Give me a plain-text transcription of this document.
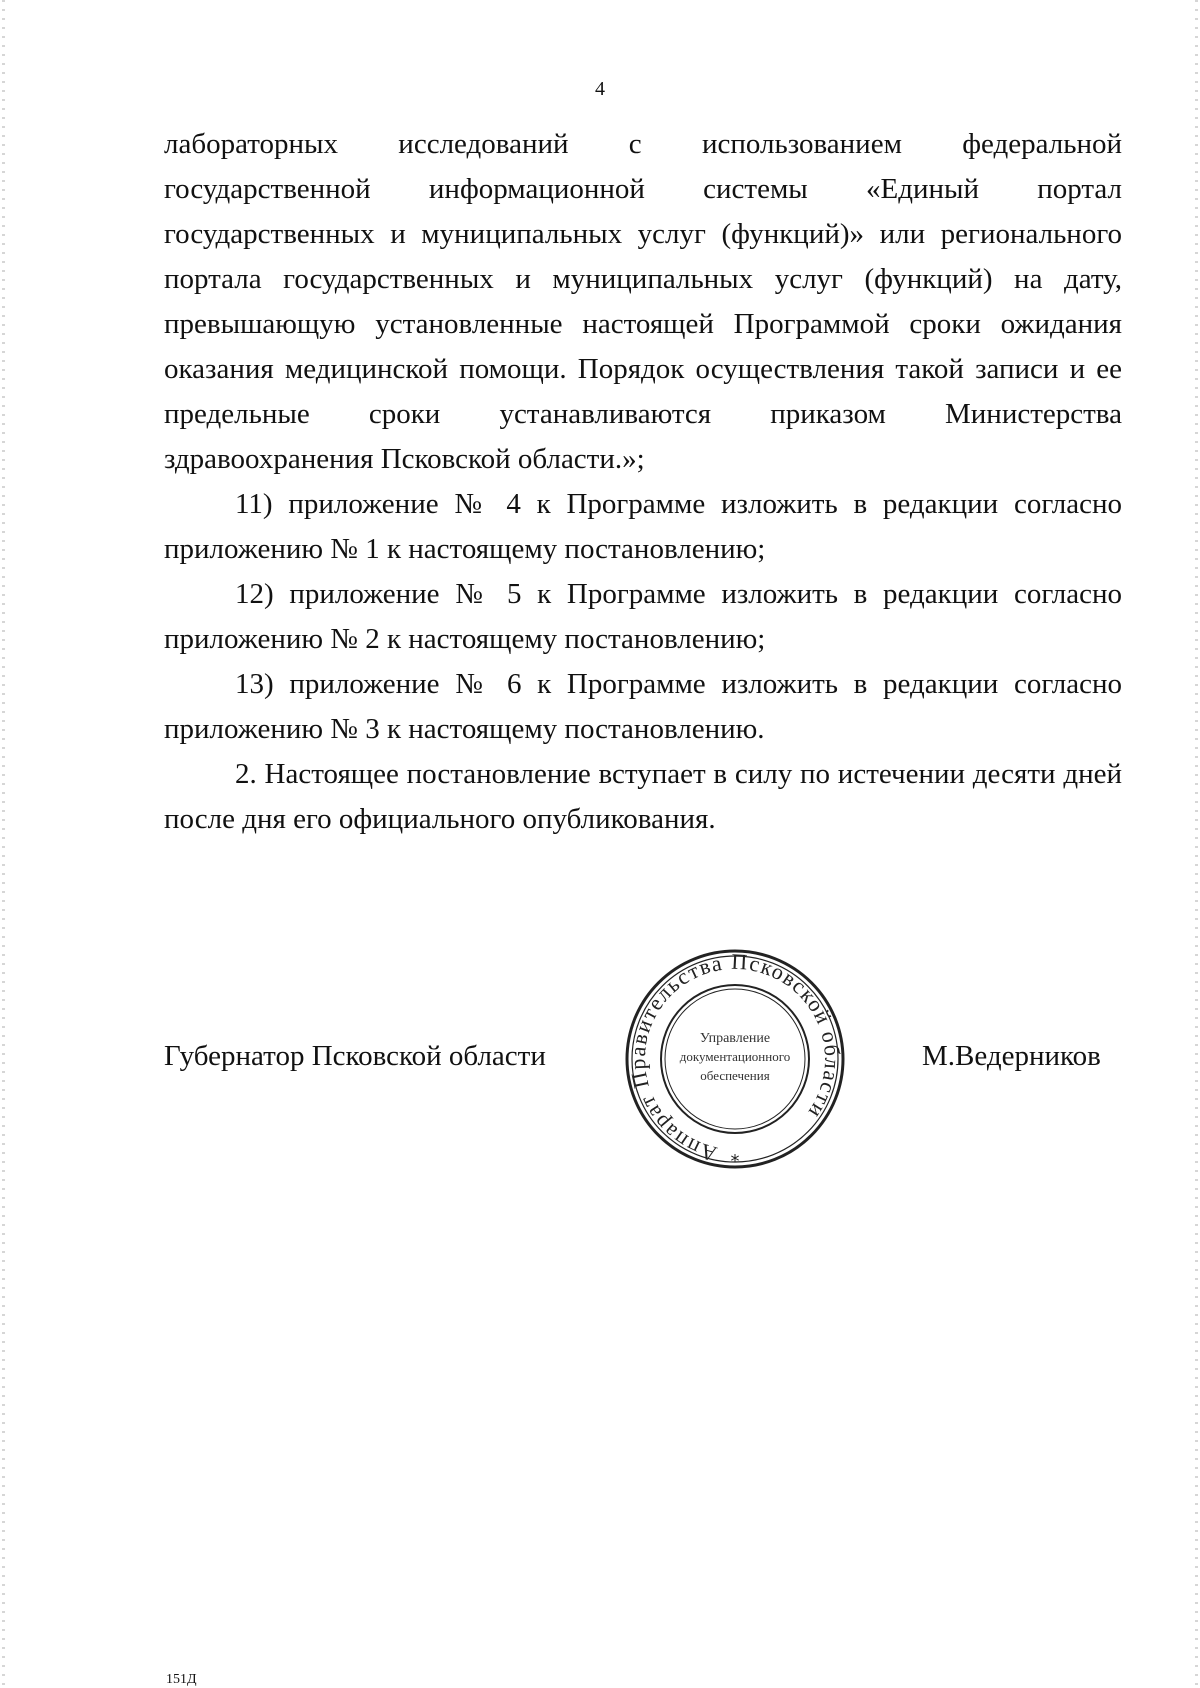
4

лабораторных исследований с использованием федеральной государственной информационной системы «Единый портал государственных и муниципальных услуг (функций)» или регионального портала государственных и муниципальных услуг (функций) на дату, превышающую установленные настоящей Программой сроки ожидания оказания медицинской помощи. Порядок осуществления такой записи и ее предельные сроки устанавливаются приказом Министерства здравоохранения Псковской области.»;

11) приложение № 4 к Программе изложить в редакции согласно приложению № 1 к настоящему постановлению;

12) приложение № 5 к Программе изложить в редакции согласно приложению № 2 к настоящему постановлению;

13) приложение № 6 к Программе изложить в редакции согласно приложению № 3 к настоящему постановлению.

2. Настоящее постановление вступает в силу по истечении десяти дней после дня его официального опубликования.

Губернатор Псковской области
Аппарат Правительства Псковской области
Управление
документационного
обеспечения
*
М.Ведерников
151Д
